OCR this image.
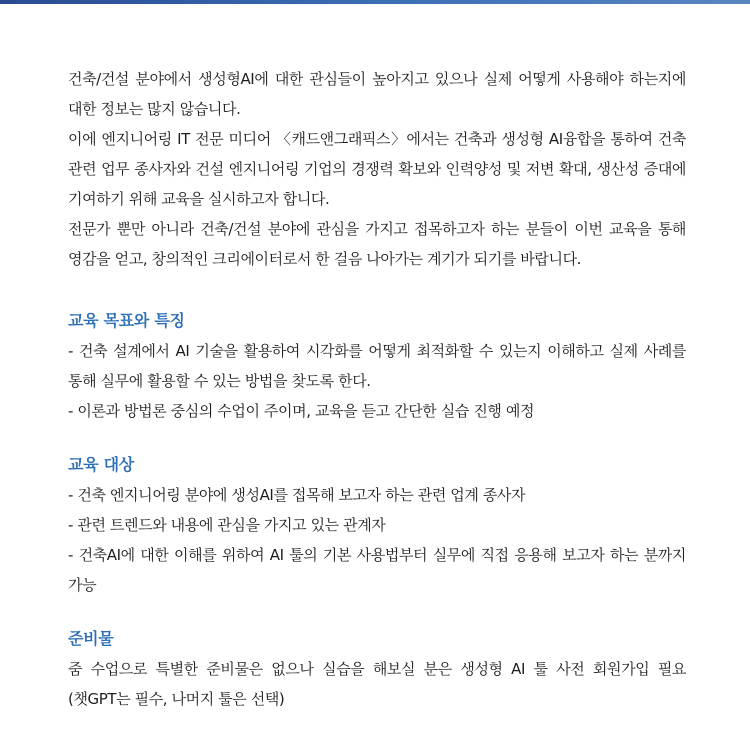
건축/건설 분야에서 생성형AI에 대한 관심들이 높아지고 있으나 실제 어떻게 사용해야 하는지에 대한 정보는 많지 않습니다.

이에 엔지니어링 IT 전문 미디어 〈캐드앤그래픽스〉에서는 건축과 생성형 AI융합을 통하여 건축 관련 업무 종사자와 건설 엔지니어링 기업의 경쟁력 확보와 인력양성 및 저변 확대, 생산성 증대에 기여하기 위해 교육을 실시하고자 합니다.

전문가 뿐만 아니라 건축/건설 분야에 관심을 가지고 접목하고자 하는 분들이 이번 교육을 통해 영감을 얻고, 창의적인 크리에이터로서 한 걸음 나아가는 계기가 되기를 바랍니다.

교육 목표와 특징

- 건축 설계에서 AI 기술을 활용하여 시각화를 어떻게 최적화할 수 있는지 이해하고 실제 사례를 통해 실무에 활용할 수 있는 방법을 찾도록 한다.

- 이론과 방법론 중심의 수업이 주이며, 교육을 듣고 간단한 실습 진행 예정

교육 대상

- 건축 엔지니어링 분야에 생성AI를 접목해 보고자 하는 관련 업계 종사자

- 관련 트렌드와 내용에 관심을 가지고 있는 관계자

- 건축AI에 대한 이해를 위하여 AI 툴의 기본 사용법부터 실무에 직접 응용해 보고자 하는 분까지 가능

준비물

줌 수업으로 특별한 준비물은 없으나 실습을 해보실 분은 생성형 AI 툴 사전 회원가입 필요 (챗GPT는 필수, 나머지 툴은 선택)
